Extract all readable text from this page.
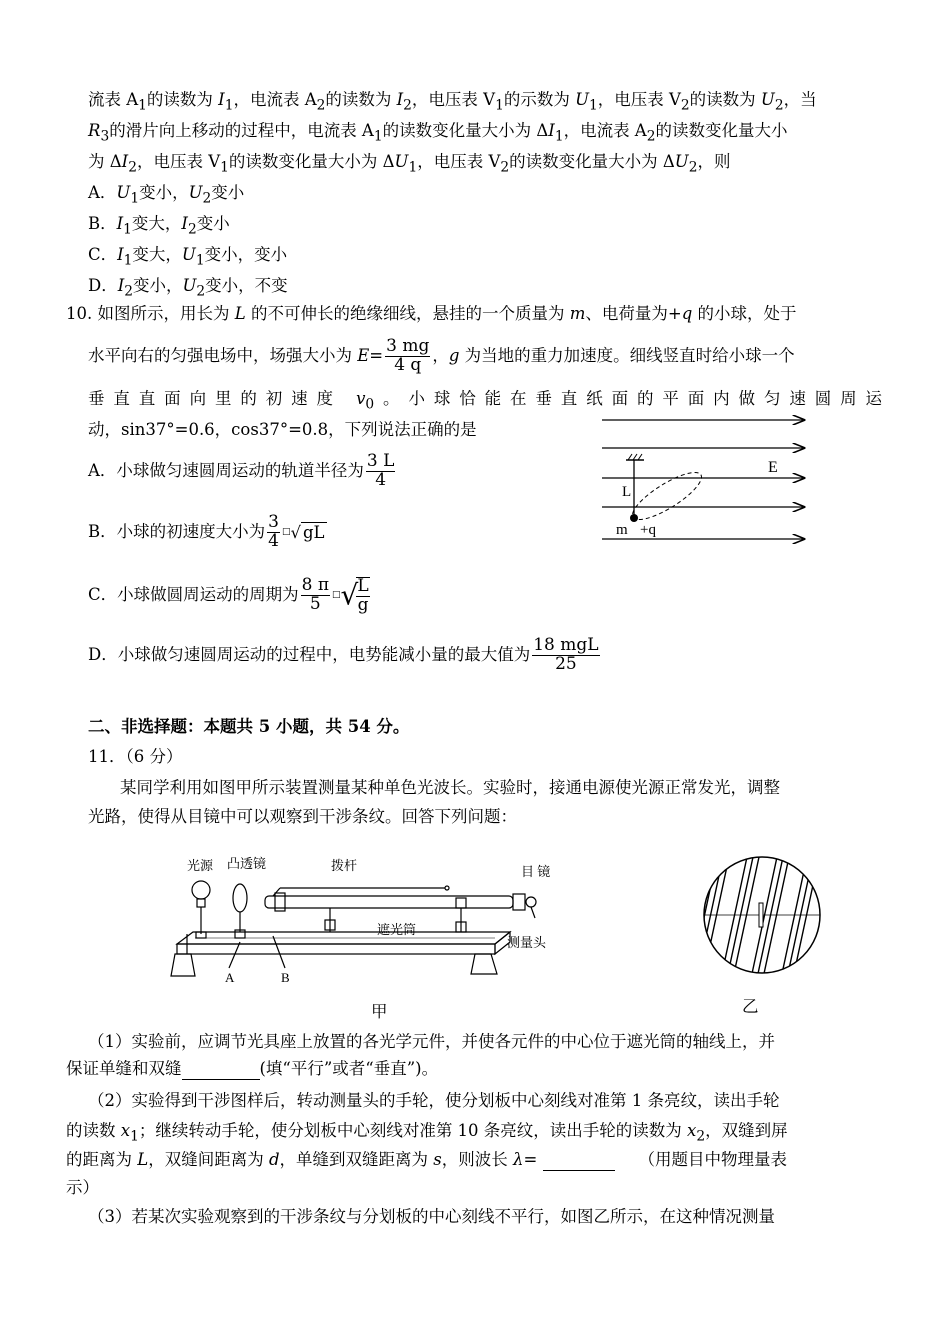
流表 $A_1$的读数为 $I_1$，电流表 $A_2$的读数为 $I_2$，电压表 $V_1$的示数为 $U_1$，电压表 $V_2$的读数为 $U_2$，当
$R_3$的滑片向上移动的过程中，电流表 $A_1$的读数变化量大小为 $\Delta I_1$，电流表 $A_2$的读数变化量大小
为 $\Delta I_2$，电压表 $V_1$的读数变化量大小为 $\Delta U_1$，电压表 $V_2$的读数变化量大小为 $\Delta U_2$，则
A．$U_1$变小，$U_2$变小
B．$I_1$变大，$I_2$变小
C．$I_1$变大，$U_1$变小，变小
D．$I_2$变小，$U_2$变小，不变
10. 如图所示，用长为 L 的不可伸长的绝缘细线，悬挂的一个质量为 m、电荷量为+q 的小球，处于
水平向右的匀强电场中，场强大小为 $E= \frac{3 mg}{4 q}$ ，g 为当地的重力加速度。细线竖直时给小球一个
垂直直面向里的初速度 $v_0$。小球恰能在垂直纸面的平面内做匀速圆周运
动，sin37°=0.6，cos37°=0.8，下列说法正确的是
A．小球做匀速圆周运动的轨道半径为 $\frac{3 L}{4}$
B．小球的初速度大小为 $\frac{3}{4} ^□√$ gL
C．小球做圆周运动的周期为 $\frac{8 \pi}{5} ^□√$
$\frac{L}{g}$
D．小球做匀速圆周运动的过程中，电势能减小量的最大值为 $\frac{\text{18 mgL}}{25}$
E
L
m +q
二、非选择题：本题共 5 小题，共 54 分。
11．（6 分）
某同学利用如图甲所示装置测量某种单色光波长。实验时，接通电源使光源正常发光，调整
光路，使得从目镜中可以观察到干涉条纹。回答下列问题：
光源 凸透镜	拨杆	目 镜
遮光筒
测量头
A	B
甲	乙
（1）实验前，应调节光具座上放置的各光学元件，并使各元件的中心位于遮光筒的轴线上，并
保证单缝和双缝	(填“平行”或者“垂直”)。
（2）实验得到干涉图样后，转动测量头的手轮，使分划板中心刻线对准第 1 条亮纹，读出手轮
的读数 $x_1$；继续转动手轮，使分划板中心刻线对准第 10 条亮纹，读出手轮的读数为 $x_2$，双缝到屏
的距离为 L，双缝间距离为 d，单缝到双缝距离为 s，则波长 λ=	（用题目中物理量表
示）
（3）若某次实验观察到的干涉条纹与分划板的中心刻线不平行，如图乙所示，在这种情况测量
